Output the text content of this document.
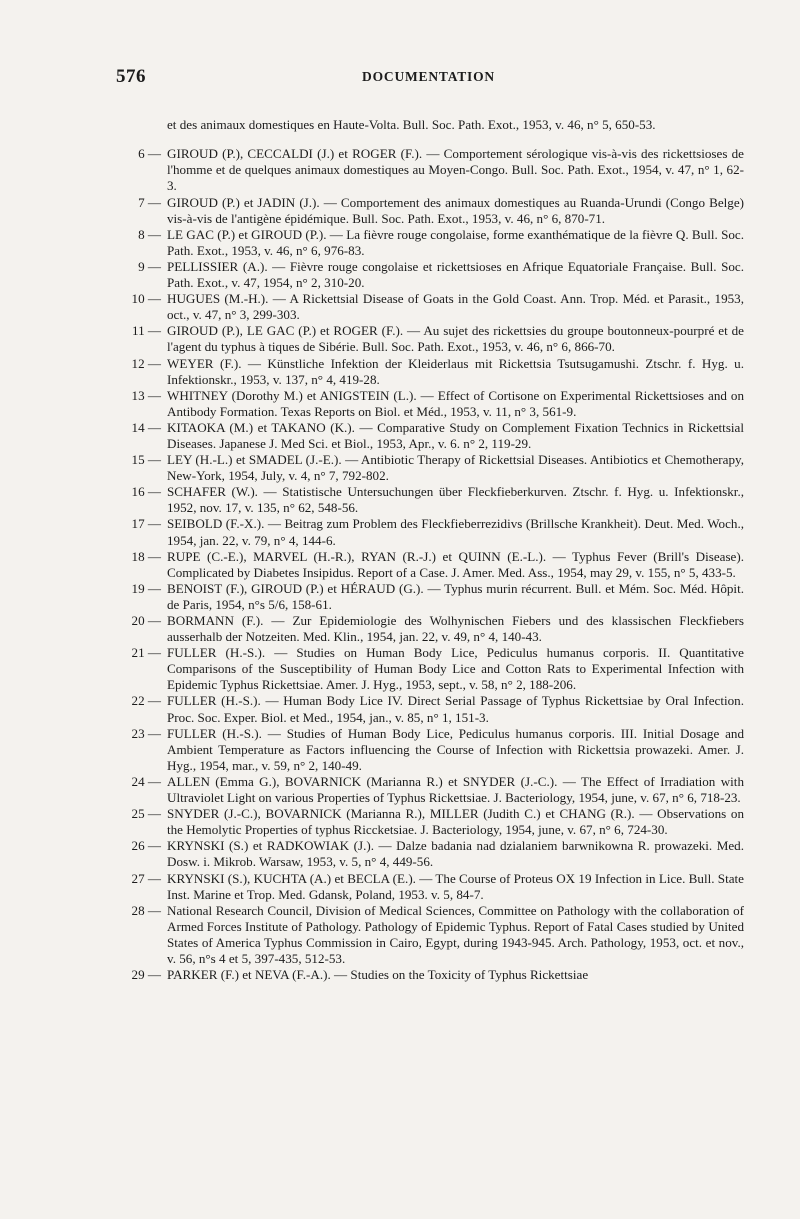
576	DOCUMENTATION

et des animaux domestiques en Haute-Volta. Bull. Soc. Path. Exot., 1953, v. 46, n° 5, 650-53.

6 — GIROUD (P.), CECCALDI (J.) et ROGER (F.). — Comportement sérologique vis-à-vis des rickettsioses de l'homme et de quelques animaux domestiques au Moyen-Congo. Bull. Soc. Path. Exot., 1954, v. 47, n° 1, 62-3.

7 — GIROUD (P.) et JADIN (J.). — Comportement des animaux domestiques au Ruanda-Urundi (Congo Belge) vis-à-vis de l'antigène épidémique. Bull. Soc. Path. Exot., 1953, v. 46, n° 6, 870-71.

8 — LE GAC (P.) et GIROUD (P.). — La fièvre rouge congolaise, forme exanthématique de la fièvre Q. Bull. Soc. Path. Exot., 1953, v. 46, n° 6, 976-83.

9 — PELLISSIER (A.). — Fièvre rouge congolaise et rickettsioses en Afrique Equatoriale Française. Bull. Soc. Path. Exot., v. 47, 1954, n° 2, 310-20.

10 — HUGUES (M.-H.). — A Rickettsial Disease of Goats in the Gold Coast. Ann. Trop. Méd. et Parasit., 1953, oct., v. 47, n° 3, 299-303.

11 — GIROUD (P.), LE GAC (P.) et ROGER (F.). — Au sujet des rickettsies du groupe boutonneux-pourpré et de l'agent du typhus à tiques de Sibérie. Bull. Soc. Path. Exot., 1953, v. 46, n° 6, 866-70.

12 — WEYER (F.). — Künstliche Infektion der Kleiderlaus mit Rickettsia Tsutsugamushi. Ztschr. f. Hyg. u. Infektionskr., 1953, v. 137, n° 4, 419-28.

13 — WHITNEY (Dorothy M.) et ANIGSTEIN (L.). — Effect of Cortisone on Experimental Rickettsioses and on Antibody Formation. Texas Reports on Biol. et Méd., 1953, v. 11, n° 3, 561-9.

14 — KITAOKA (M.) et TAKANO (K.). — Comparative Study on Complement Fixation Technics in Rickettsial Diseases. Japanese J. Med Sci. et Biol., 1953, Apr., v. 6. n° 2, 119-29.

15 — LEY (H.-L.) et SMADEL (J.-E.). — Antibiotic Therapy of Rickettsial Diseases. Antibiotics et Chemotherapy, New-York, 1954, July, v. 4, n° 7, 792-802.

16 — SCHAFER (W.). — Statistische Untersuchungen über Fleckfieberkurven. Ztschr. f. Hyg. u. Infektionskr., 1952, nov. 17, v. 135, n° 62, 548-56.

17 — SEIBOLD (F.-X.). — Beitrag zum Problem des Fleckfieberrezidivs (Brillsche Krankheit). Deut. Med. Woch., 1954, jan. 22, v. 79, n° 4, 144-6.

18 — RUPE (C.-E.), MARVEL (H.-R.), RYAN (R.-J.) et QUINN (E.-L.). — Typhus Fever (Brill's Disease). Complicated by Diabetes Insipidus. Report of a Case. J. Amer. Med. Ass., 1954, may 29, v. 155, n° 5, 433-5.

19 — BENOIST (F.), GIROUD (P.) et HÉRAUD (G.). — Typhus murin récurrent. Bull. et Mém. Soc. Méd. Hôpit. de Paris, 1954, n°s 5/6, 158-61.

20 — BORMANN (F.). — Zur Epidemiologie des Wolhynischen Fiebers und des klassischen Fleckfiebers ausserhalb der Notzeiten. Med. Klin., 1954, jan. 22, v. 49, n° 4, 140-43.

21 — FULLER (H.-S.). — Studies on Human Body Lice, Pediculus humanus corporis. II. Quantitative Comparisons of the Susceptibility of Human Body Lice and Cotton Rats to Experimental Infection with Epidemic Typhus Rickettsiae. Amer. J. Hyg., 1953, sept., v. 58, n° 2, 188-206.

22 — FULLER (H.-S.). — Human Body Lice IV. Direct Serial Passage of Typhus Rickettsiae by Oral Infection. Proc. Soc. Exper. Biol. et Med., 1954, jan., v. 85, n° 1, 151-3.

23 — FULLER (H.-S.). — Studies of Human Body Lice, Pediculus humanus corporis. III. Initial Dosage and Ambient Temperature as Factors influencing the Course of Infection with Rickettsia prowazeki. Amer. J. Hyg., 1954, mar., v. 59, n° 2, 140-49.

24 — ALLEN (Emma G.), BOVARNICK (Marianna R.) et SNYDER (J.-C.). — The Effect of Irradiation with Ultraviolet Light on various Properties of Typhus Rickettsiae. J. Bacteriology, 1954, june, v. 67, n° 6, 718-23.

25 — SNYDER (J.-C.), BOVARNICK (Marianna R.), MILLER (Judith C.) et CHANG (R.). — Observations on the Hemolytic Properties of typhus Riccketsiae. J. Bacteriology, 1954, june, v. 67, n° 6, 724-30.

26 — KRYNSKI (S.) et RADKOWIAK (J.). — Dalze badania nad dzialaniem barwnikowna R. prowazeki. Med. Dosw. i. Mikrob. Warsaw, 1953, v. 5, n° 4, 449-56.

27 — KRYNSKI (S.), KUCHTA (A.) et BECLA (E.). — The Course of Proteus OX 19 Infection in Lice. Bull. State Inst. Marine et Trop. Med. Gdansk, Poland, 1953. v. 5, 84-7.

28 — National Research Council, Division of Medical Sciences, Committee on Pathology with the collaboration of Armed Forces Institute of Pathology. Pathology of Epidemic Typhus. Report of Fatal Cases studied by United States of America Typhus Commission in Cairo, Egypt, during 1943-945. Arch. Pathology, 1953, oct. et nov., v. 56, n°s 4 et 5, 397-435, 512-53.

29 — PARKER (F.) et NEVA (F.-A.). — Studies on the Toxicity of Typhus Rickettsiae
